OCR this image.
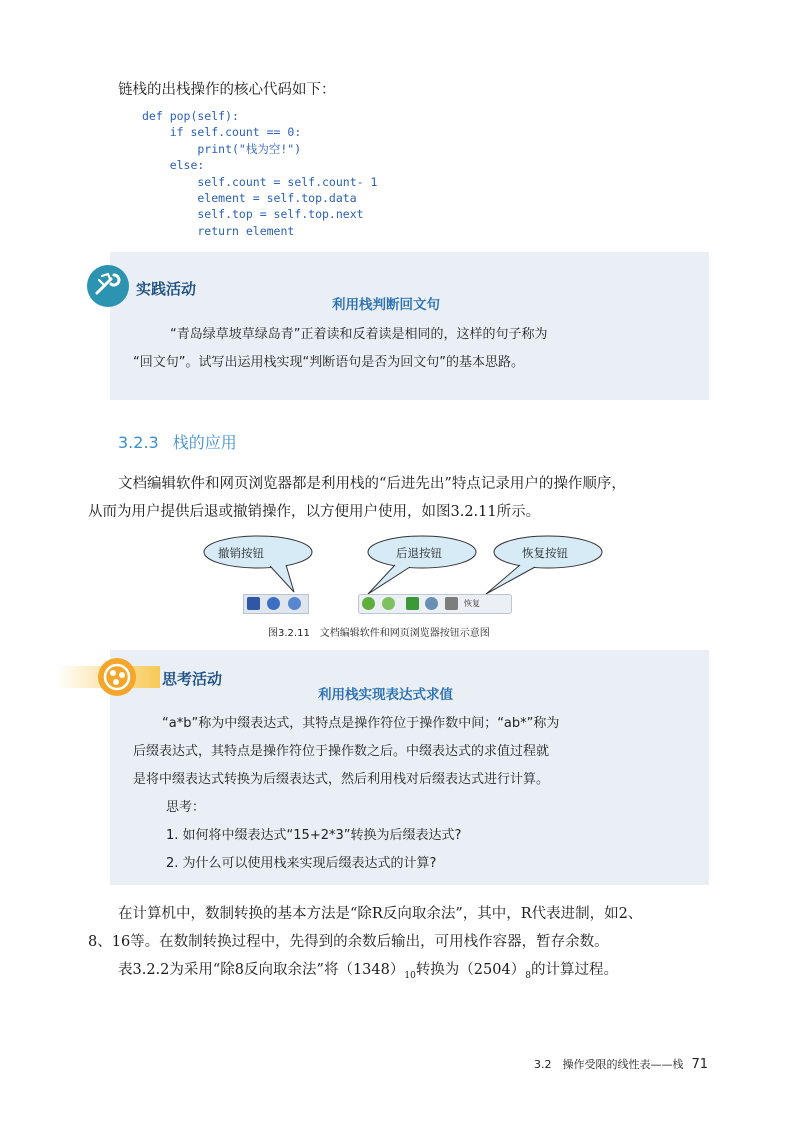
链栈的出栈操作的核心代码如下：
def pop(self):
if self.count == 0:
print("栈为空!")
else:
self.count = self.count- 1
element = self.top.data
self.top = self.top.next
return element
实践活动
利用栈判断回文句
“青岛绿草坡草绿岛青”正着读和反着读是相同的，这样的句子称为
“回文句”。试写出运用栈实现“判断语句是否为回文句”的基本思路。
3.2.3 栈的应用
文档编辑软件和网页浏览器都是利用栈的“后进先出”特点记录用户的操作顺序，
从而为用户提供后退或撤销操作，以方便用户使用，如图3.2.11所示。
撤销按钮	后退按钮	恢复按钮
恢复
图3.2.11　文档编辑软件和网页浏览器按钮示意图
思考活动
利用栈实现表达式求值
“a*b”称为中缀表达式，其特点是操作符位于操作数中间；“ab*”称为
后缀表达式，其特点是操作符位于操作数之后。中缀表达式的求值过程就
是将中缀表达式转换为后缀表达式，然后利用栈对后缀表达式进行计算。
思考：
1. 如何将中缀表达式“15+2*3”转换为后缀表达式?
2. 为什么可以使用栈来实现后缀表达式的计算?
在计算机中，数制转换的基本方法是“除R反向取余法”，其中，R代表进制，如2、
8、16等。在数制转换过程中，先得到的余数后输出，可用栈作容器，暂存余数。
表3.2.2为采用“除8反向取余法”将$(1348)_{10}$转换为$(2504)_8$的计算过程。
3.2　操作受限的线性表——栈 71
